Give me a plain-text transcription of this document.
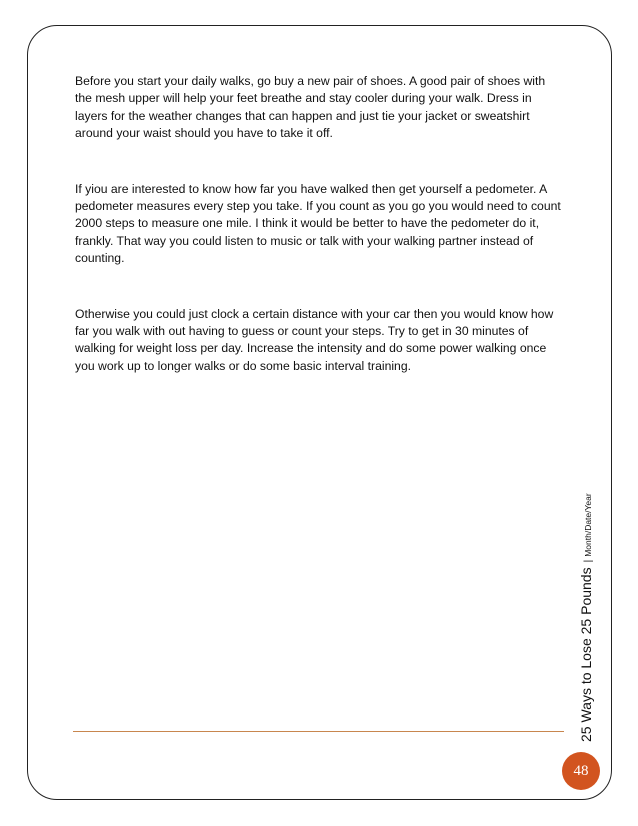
Before you start your daily walks, go buy a new pair of shoes. A good pair of shoes with the mesh upper will help your feet breathe and stay cooler during your walk. Dress in layers for the weather changes that can happen and just tie your jacket or sweatshirt around your waist should you have to take it off.

If yiou are interested to know how far you have walked then get yourself a pedometer. A pedometer measures every step you take. If you count as you go you would need to count 2000 steps to measure one mile. I think it would be better to have the pedometer do it, frankly. That way you could listen to music or talk with your walking partner instead of counting.

Otherwise you could just clock a certain distance with your car then you would know how far you walk with out having to guess or count your steps. Try to get in 30 minutes of walking for weight loss per day. Increase the intensity and do some power walking once you work up to longer walks or do some basic interval training.

25 Ways to Lose 25 Pounds|Month/Date/Year
48
